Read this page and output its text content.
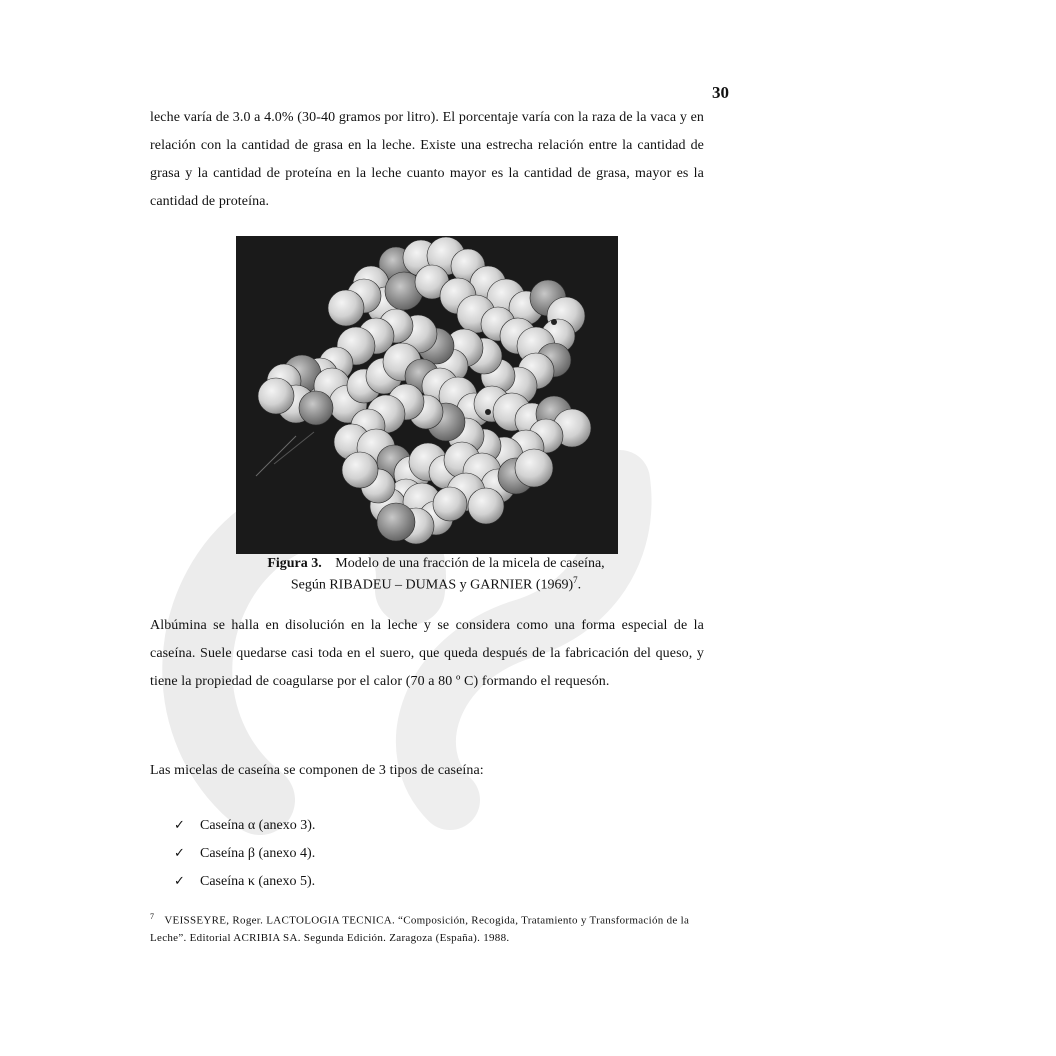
30

leche varía de 3.0 a 4.0% (30-40 gramos por litro). El porcentaje varía con la raza de la vaca y en relación con la cantidad de grasa en la leche. Existe una estrecha relación entre la cantidad de grasa y la cantidad de proteína en la leche cuanto mayor es la cantidad de grasa, mayor es la cantidad de proteína.

Figura 3. Modelo de una fracción de la micela de caseína,
Según RIBADEU – DUMAS y GARNIER $(1969)^7$.

Albúmina se halla en disolución en la leche y se considera como una forma especial de la caseína. Suele quedarse casi toda en el suero, que queda después de la fabricación del queso, y tiene la propiedad de coagularse por el calor (70 a 80 º C) formando el requesón.

Las micelas de caseína se componen de 3 tipos de caseína:

✓	Caseína α (anexo 3).
✓	Caseína β (anexo 4).
✓	Caseína κ (anexo 5).
$^7$ VEISSEYRE, Roger. LACTOLOGIA TECNICA. “Composición, Recogida, Tratamiento y Transformación de la Leche”. Editorial ACRIBIA SA. Segunda Edición. Zaragoza (España). 1988.
